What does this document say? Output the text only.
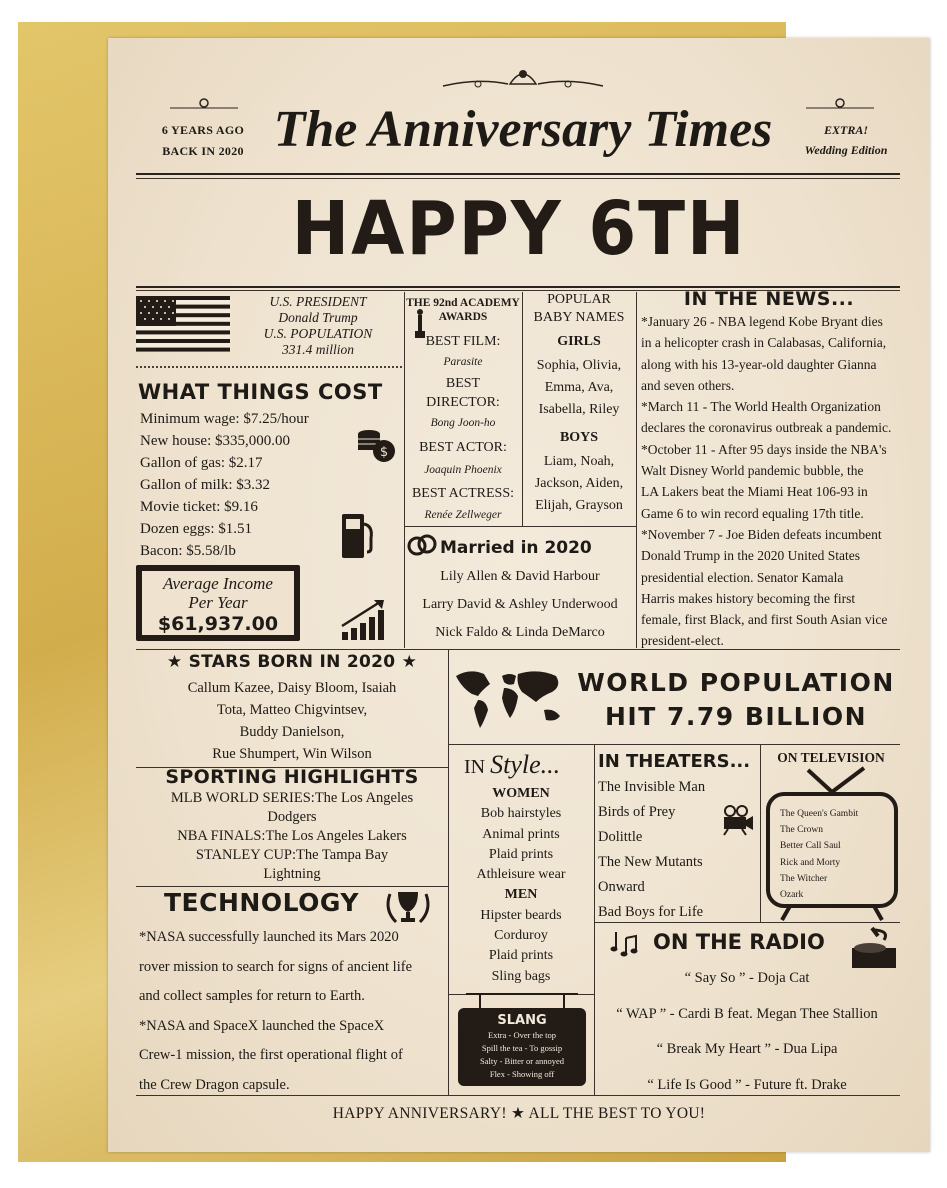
6 YEARS AGO
BACK IN 2020 The Anniversary Times	EXTRA!
Wedding Edition
HAPPY 6TH
U.S. PRESIDENT
Donald Trump
U.S. POPULATION
331.4 million
WHAT THINGS COST
Minimum wage: $7.25/hour
New house: $335,000.00
Gallon of gas: $2.17
Gallon of milk: $3.32
Movie ticket: $9.16
Dozen eggs: $1.51
Bacon: $5.58/lb
$
Average Income
Per Year
$61,937.00
THE 92nd ACADEMY
AWARDS
BEST FILM:
Parasite
BEST
DIRECTOR:
Bong Joon-ho
BEST ACTOR:
Joaquin Phoenix
BEST ACTRESS:
Renée Zellweger
POPULAR
BABY NAMES
GIRLS
Sophia, Olivia,
Emma, Ava,
Isabella, Riley
BOYS
Liam, Noah,
Jackson, Aiden,
Elijah, Grayson
Married in 2020
Lily Allen & David Harbour
Larry David & Ashley Underwood
Nick Faldo & Linda DeMarco
IN THE NEWS...
*January 26 - NBA legend Kobe Bryant dies
in a helicopter crash in Calabasas, California,
along with his 13-year-old daughter Gianna
and seven others.
*March 11 - The World Health Organization
declares the coronavirus outbreak a pandemic.
*October 11 - After 95 days inside the NBA's
Walt Disney World pandemic bubble, the
LA Lakers beat the Miami Heat 106-93 in
Game 6 to win record equaling 17th title.
*November 7 - Joe Biden defeats incumbent
Donald Trump in the 2020 United States
presidential election. Senator Kamala
Harris makes history becoming the first
female, first Black, and first South Asian vice
president-elect.
★ STARS BORN IN 2020 ★
Callum Kazee, Daisy Bloom, Isaiah
Tota, Matteo Chigvintsev,
Buddy Danielson,
Rue Shumpert, Win Wilson
WORLD POPULATION
HIT 7.79 BILLION
SPORTING HIGHLIGHTS
MLB WORLD SERIES:The Los Angeles
Dodgers
NBA FINALS:The Los Angeles Lakers
STANLEY CUP:The Tampa Bay
Lightning
TECHNOLOGY
*NASA successfully launched its Mars 2020
rover mission to search for signs of ancient life
and collect samples for return to Earth.
*NASA and SpaceX launched the SpaceX
Crew-1 mission, the first operational flight of
the Crew Dragon capsule.
IN Style...
WOMEN
Bob hairstyles
Animal prints
Plaid prints
Athleisure wear
MEN
Hipster beards
Corduroy
Plaid prints
Sling bags
IN THEATERS...
The Invisible Man
Birds of Prey
Dolittle
The New Mutants
Onward
Bad Boys for Life
ON TELEVISION
The Queen's Gambit
The Crown
Better Call Saul
Rick and Morty
The Witcher
Ozark
SLANG
Extra - Over the top
Spill the tea - To gossip
Salty - Bitter or annoyed
Flex - Showing off
ON THE RADIO
“ Say So ” - Doja Cat
“ WAP ” - Cardi B feat. Megan Thee Stallion
“ Break My Heart ” - Dua Lipa
“ Life Is Good ” - Future ft. Drake
HAPPY ANNIVERSARY! ★ ALL THE BEST TO YOU!
